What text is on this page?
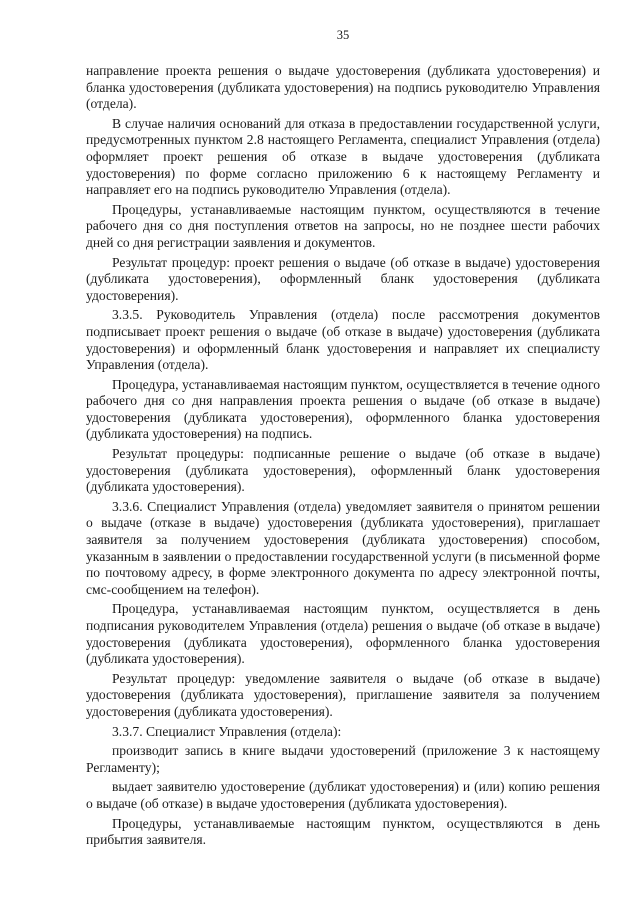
35

направление проекта решения о выдаче удостоверения (дубликата удостоверения) и бланка удостоверения (дубликата удостоверения) на подпись руководителю Управления (отдела).

В случае наличия оснований для отказа в предоставлении государственной услуги, предусмотренных пунктом 2.8 настоящего Регламента, специалист Управления (отдела) оформляет проект решения об отказе в выдаче удостоверения (дубликата удостоверения) по форме согласно приложению 6 к настоящему Регламенту и направляет его на подпись руководителю Управления (отдела).

Процедуры, устанавливаемые настоящим пунктом, осуществляются в течение рабочего дня со дня поступления ответов на запросы, но не позднее шести рабочих дней со дня регистрации заявления и документов.

Результат процедур: проект решения о выдаче (об отказе в выдаче) удостоверения (дубликата удостоверения), оформленный бланк удостоверения (дубликата удостоверения).

3.3.5. Руководитель Управления (отдела) после рассмотрения документов подписывает проект решения о выдаче (об отказе в выдаче) удостоверения (дубликата удостоверения) и оформленный бланк удостоверения и направляет их специалисту Управления (отдела).

Процедура, устанавливаемая настоящим пунктом, осуществляется в течение одного рабочего дня со дня направления проекта решения о выдаче (об отказе в выдаче) удостоверения (дубликата удостоверения), оформленного бланка удостоверения (дубликата удостоверения) на подпись.

Результат процедуры: подписанные решение о выдаче (об отказе в выдаче) удостоверения (дубликата удостоверения), оформленный бланк удостоверения (дубликата удостоверения).

3.3.6. Специалист Управления (отдела) уведомляет заявителя о принятом решении о выдаче (отказе в выдаче) удостоверения (дубликата удостоверения), приглашает заявителя за получением удостоверения (дубликата удостоверения) способом, указанным в заявлении о предоставлении государственной услуги (в письменной форме по почтовому адресу, в форме электронного документа по адресу электронной почты, смс-сообщением на телефон).

Процедура, устанавливаемая настоящим пунктом, осуществляется в день подписания руководителем Управления (отдела) решения о выдаче (об отказе в выдаче) удостоверения (дубликата удостоверения), оформленного бланка удостоверения (дубликата удостоверения).

Результат процедур: уведомление заявителя о выдаче (об отказе в выдаче) удостоверения (дубликата удостоверения), приглашение заявителя за получением удостоверения (дубликата удостоверения).

3.3.7. Специалист Управления (отдела):

производит запись в книге выдачи удостоверений (приложение 3 к настоящему Регламенту);

выдает заявителю удостоверение (дубликат удостоверения) и (или) копию решения о выдаче (об отказе) в выдаче удостоверения (дубликата удостоверения).

Процедуры, устанавливаемые настоящим пунктом, осуществляются в день прибытия заявителя.
